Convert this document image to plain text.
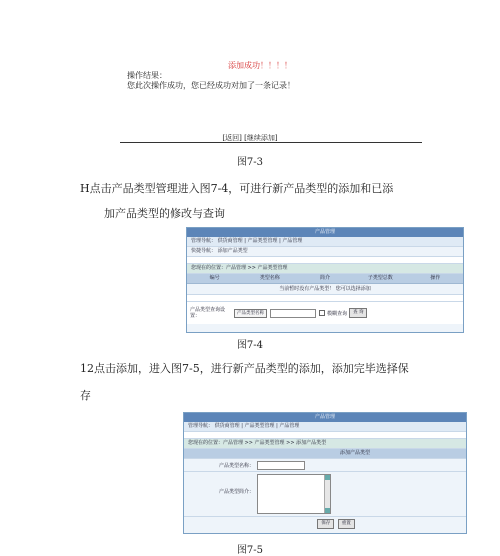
添加成功！！！！
操作结果：
您此次操作成功，您已经成功对加了一条记录！
[返回] [继续添加]
图7-3
H点击产品类型管理进入图7-4，可进行新产品类型的添加和已添
加产品类型的修改与查询
产品管理
管理导航： 供货商管理 | 产品类型管理 | 产品管理
快捷导航： 添加产品类型
您现在的位置：产品管理 >> 产品类型管理
编号	类型名称	简介	子类型总数	操作
当前暂时没有产品类型！ 您可以选择添加
产品类型查询设置：	产品类型名称	模糊查询	查 询
图7-4
12点击添加，进入图7-5，进行新产品类型的添加，添加完毕选择保
存
产品管理
管理导航： 供货商管理 | 产品类型管理 | 产品管理
您现在的位置：产品管理 >> 产品类型管理 >> 添加产品类型
添加产品类型
产品类型名称：
产品类型简介：
保存	重置
图7-5
